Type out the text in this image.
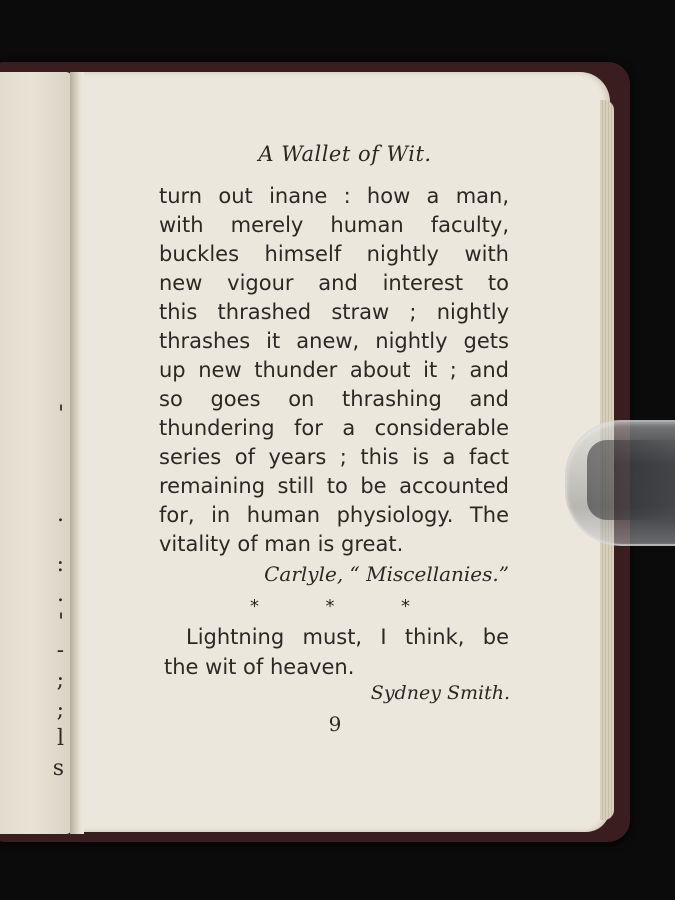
'
.
:
.
'
-
;
;
l
s
A Wallet of Wit.
turn out inane : how a man,
with merely human faculty,
buckles himself nightly with
new vigour and interest to
this thrashed straw ; nightly
thrashes it anew, nightly gets
up new thunder about it ; and
so goes on thrashing and
thundering for a considerable
series of years ; this is a fact
remaining still to be accounted
for, in human physiology. The
vitality of man is great.
Carlyle, “ Miscellanies.”
*	*	*
Lightning must, I think, be
the wit of heaven.
Sydney Smith.
9
